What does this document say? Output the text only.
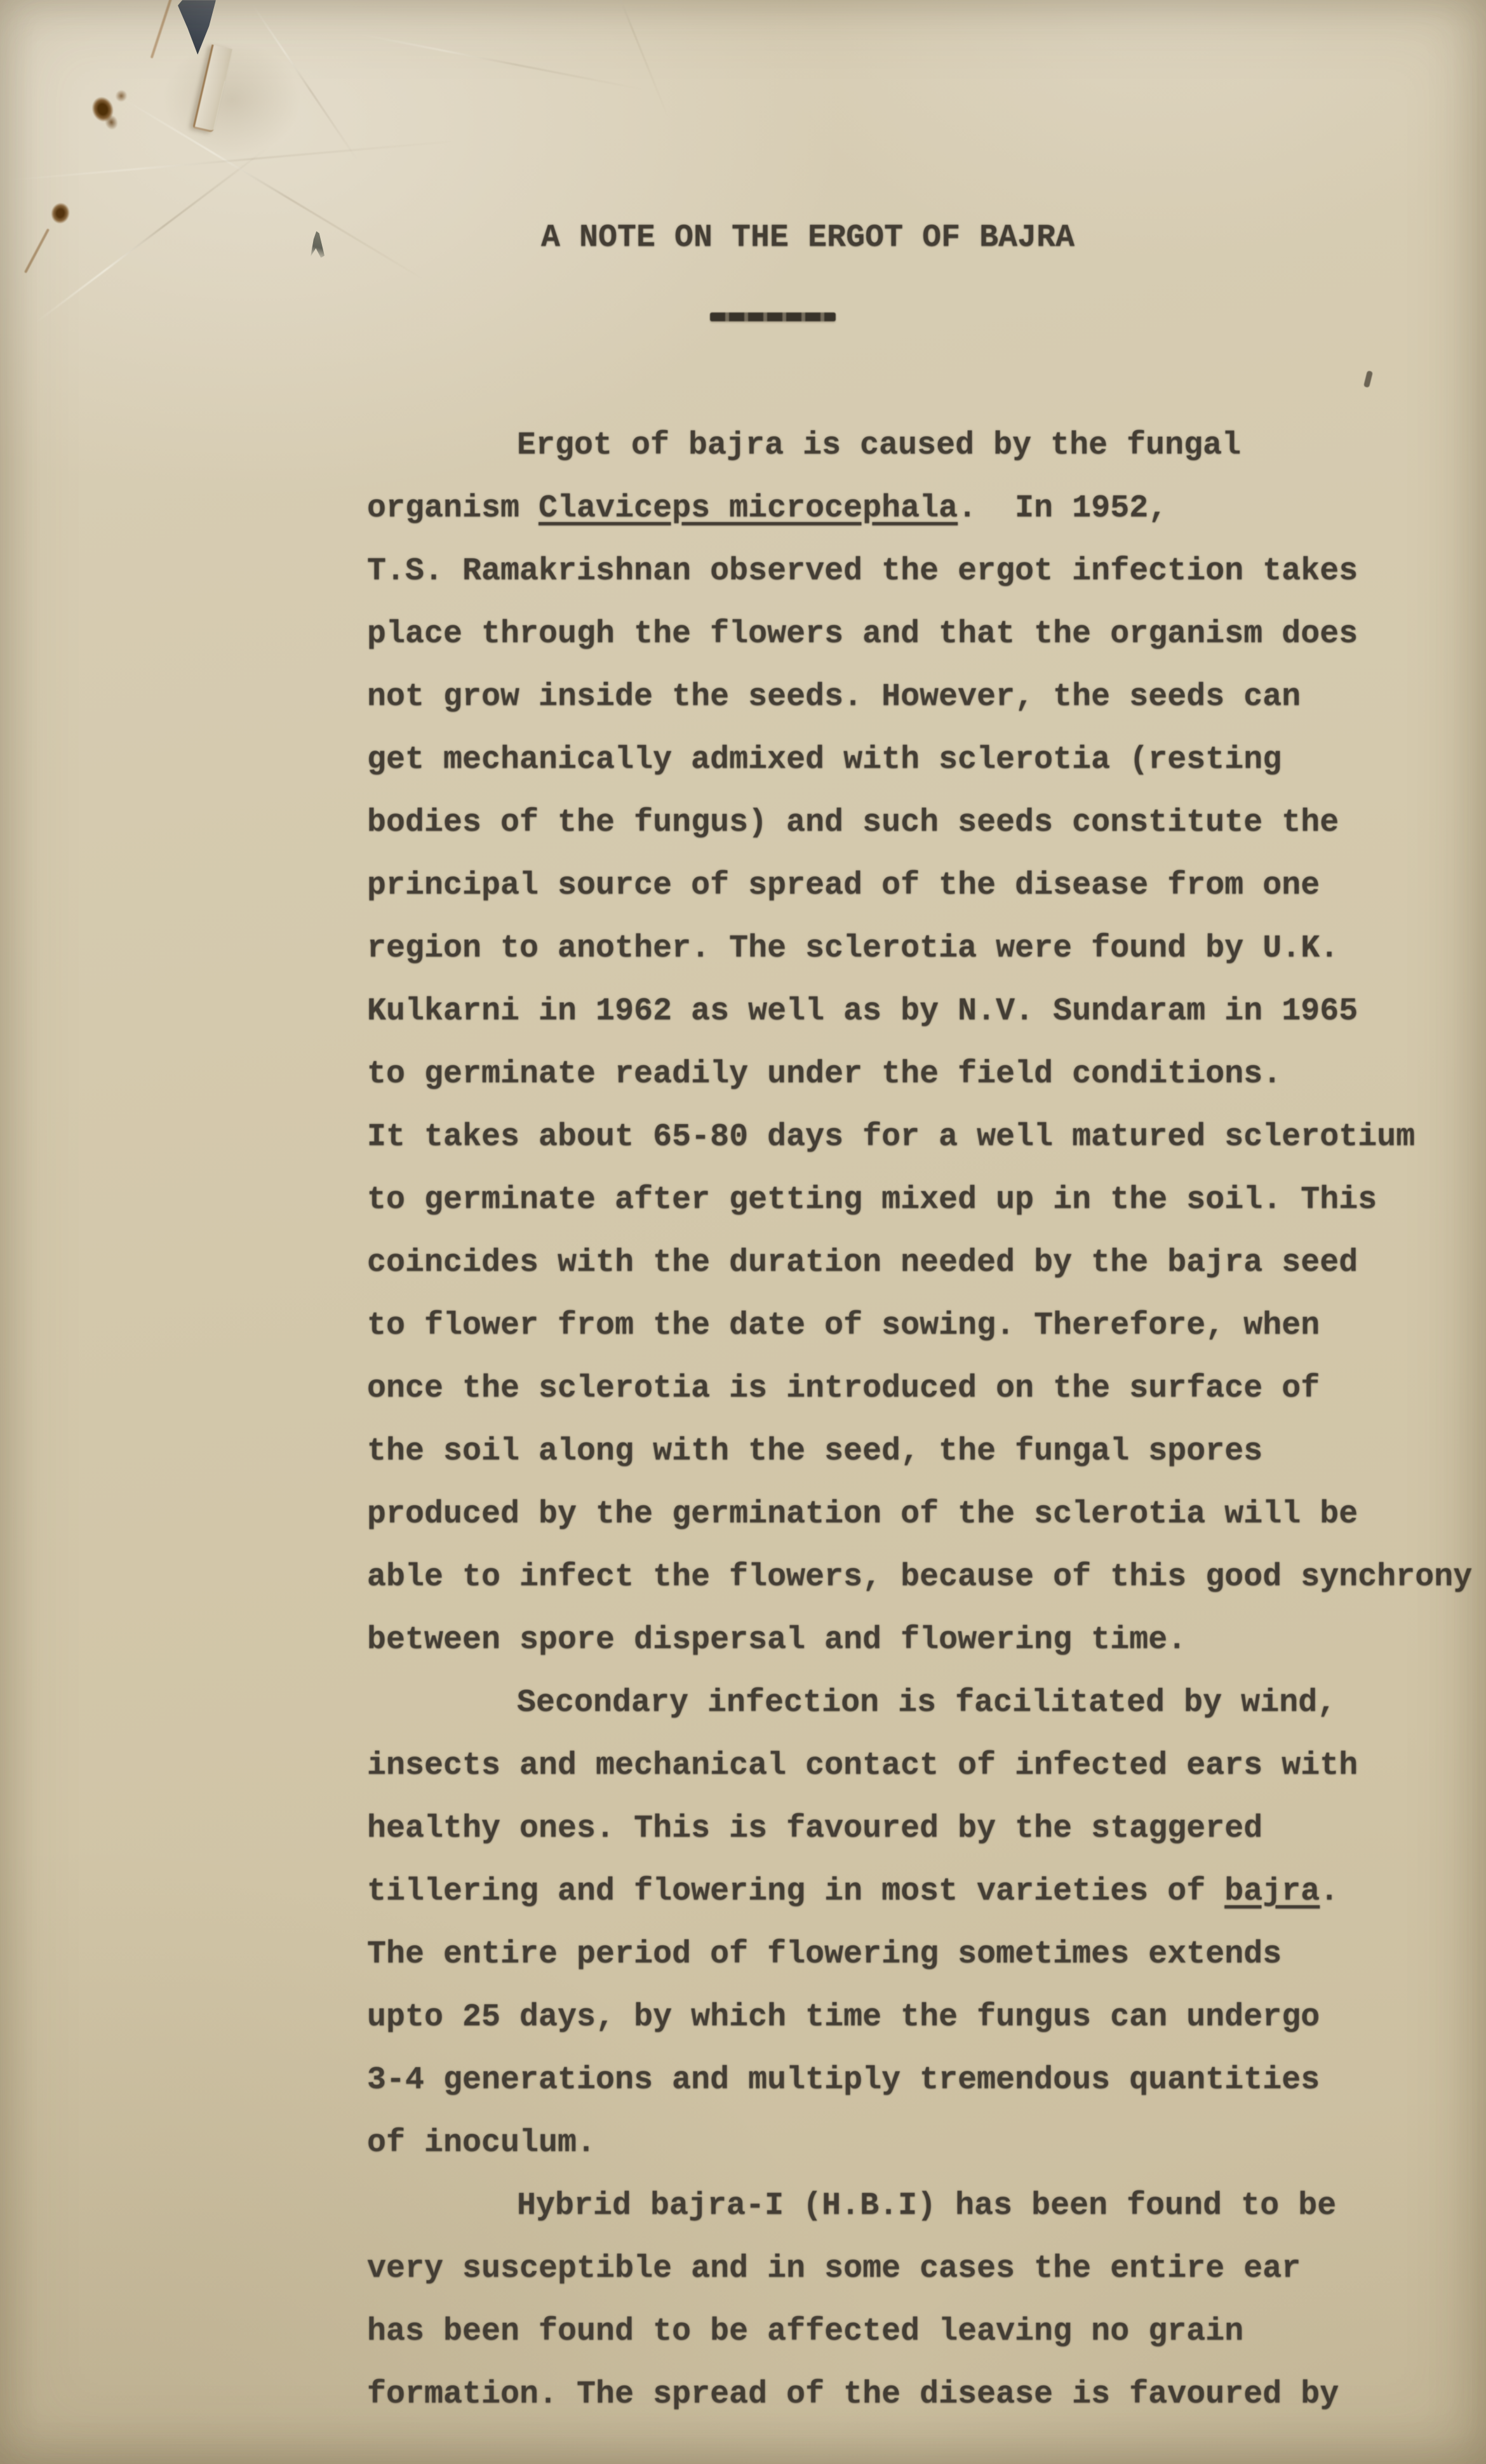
A NOTE ON THE ERGOT OF BAJRA
Ergot of bajra is caused by the fungal
organism Claviceps microcephala.  In 1952,
T.S. Ramakrishnan observed the ergot infection takes
place through the flowers and that the organism does
not grow inside the seeds. However, the seeds can
get mechanically admixed with sclerotia (resting
bodies of the fungus) and such seeds constitute the
principal source of spread of the disease from one
region to another. The sclerotia were found by U.K.
Kulkarni in 1962 as well as by N.V. Sundaram in 1965
to germinate readily under the field conditions.
It takes about 65-80 days for a well matured sclerotium
to germinate after getting mixed up in the soil. This
coincides with the duration needed by the bajra seed
to flower from the date of sowing. Therefore, when
once the sclerotia is introduced on the surface of
the soil along with the seed, the fungal spores
produced by the germination of the sclerotia will be
able to infect the flowers, because of this good synchrony
between spore dispersal and flowering time.
Secondary infection is facilitated by wind,
insects and mechanical contact of infected ears with
healthy ones. This is favoured by the staggered
tillering and flowering in most varieties of bajra.
The entire period of flowering sometimes extends
upto 25 days, by which time the fungus can undergo
3-4 generations and multiply tremendous quantities
of inoculum.
Hybrid bajra-I (H.B.I) has been found to be
very susceptible and in some cases the entire ear
has been found to be affected leaving no grain
formation. The spread of the disease is favoured by
